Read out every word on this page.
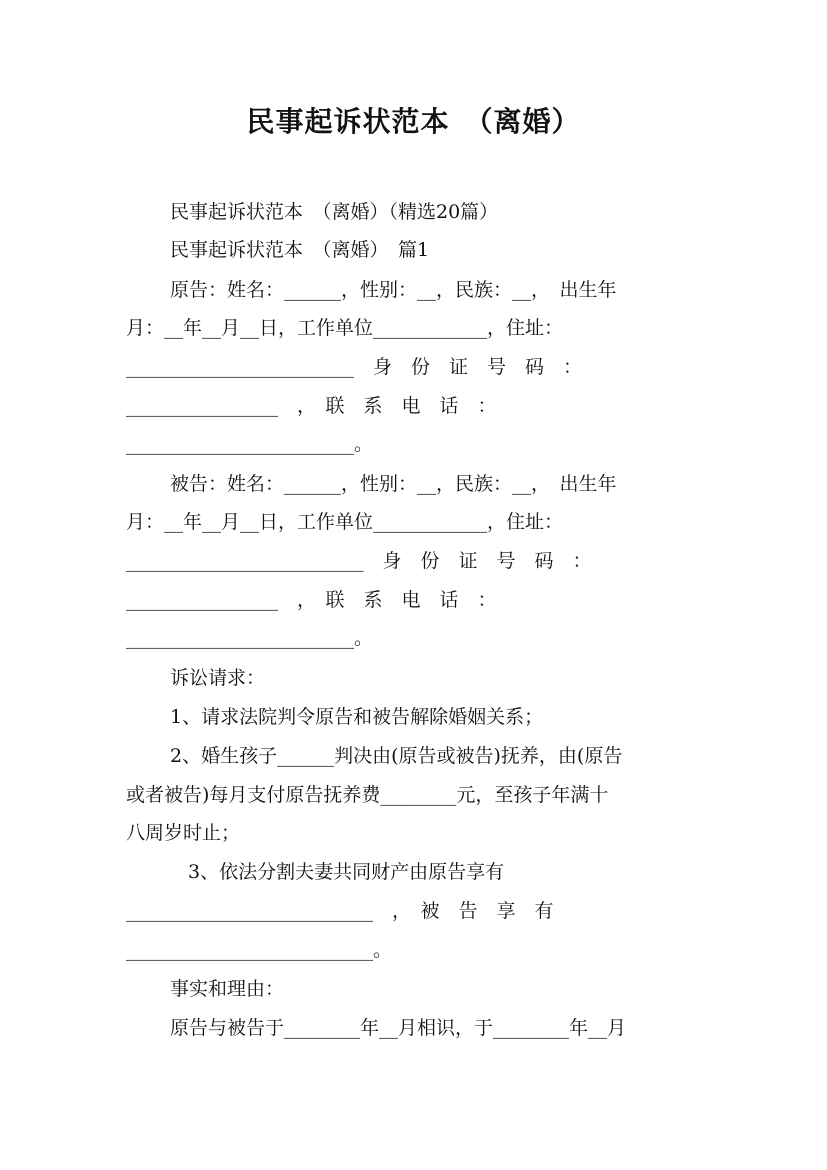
民事起诉状范本　（离婚）
民事起诉状范本　（离婚）（精选20篇）
民事起诉状范本　（离婚）　篇1
原告：姓名：______，性别：__，民族：__，　出生年
月：__年__月__日，工作单位____________，住址：
________________________　身　份　证　号　码　：
________________　，　联　系　电　话　：
________________________。
被告：姓名：______，性别：__，民族：__，　出生年
月：__年__月__日，工作单位____________，住址：
_________________________　身　份　证　号　码　：
________________　，　联　系　电　话　：
________________________。
诉讼请求：
1、请求法院判令原告和被告解除婚姻关系；
2、婚生孩子______判决由(原告或被告)抚养，由(原告
或者被告)每月支付原告抚养费________元，至孩子年满十
八周岁时止；
3、依法分割夫妻共同财产由原告享有
__________________________　，　被　告　享　有
__________________________。
事实和理由：
原告与被告于________年__月相识，于________年__月
